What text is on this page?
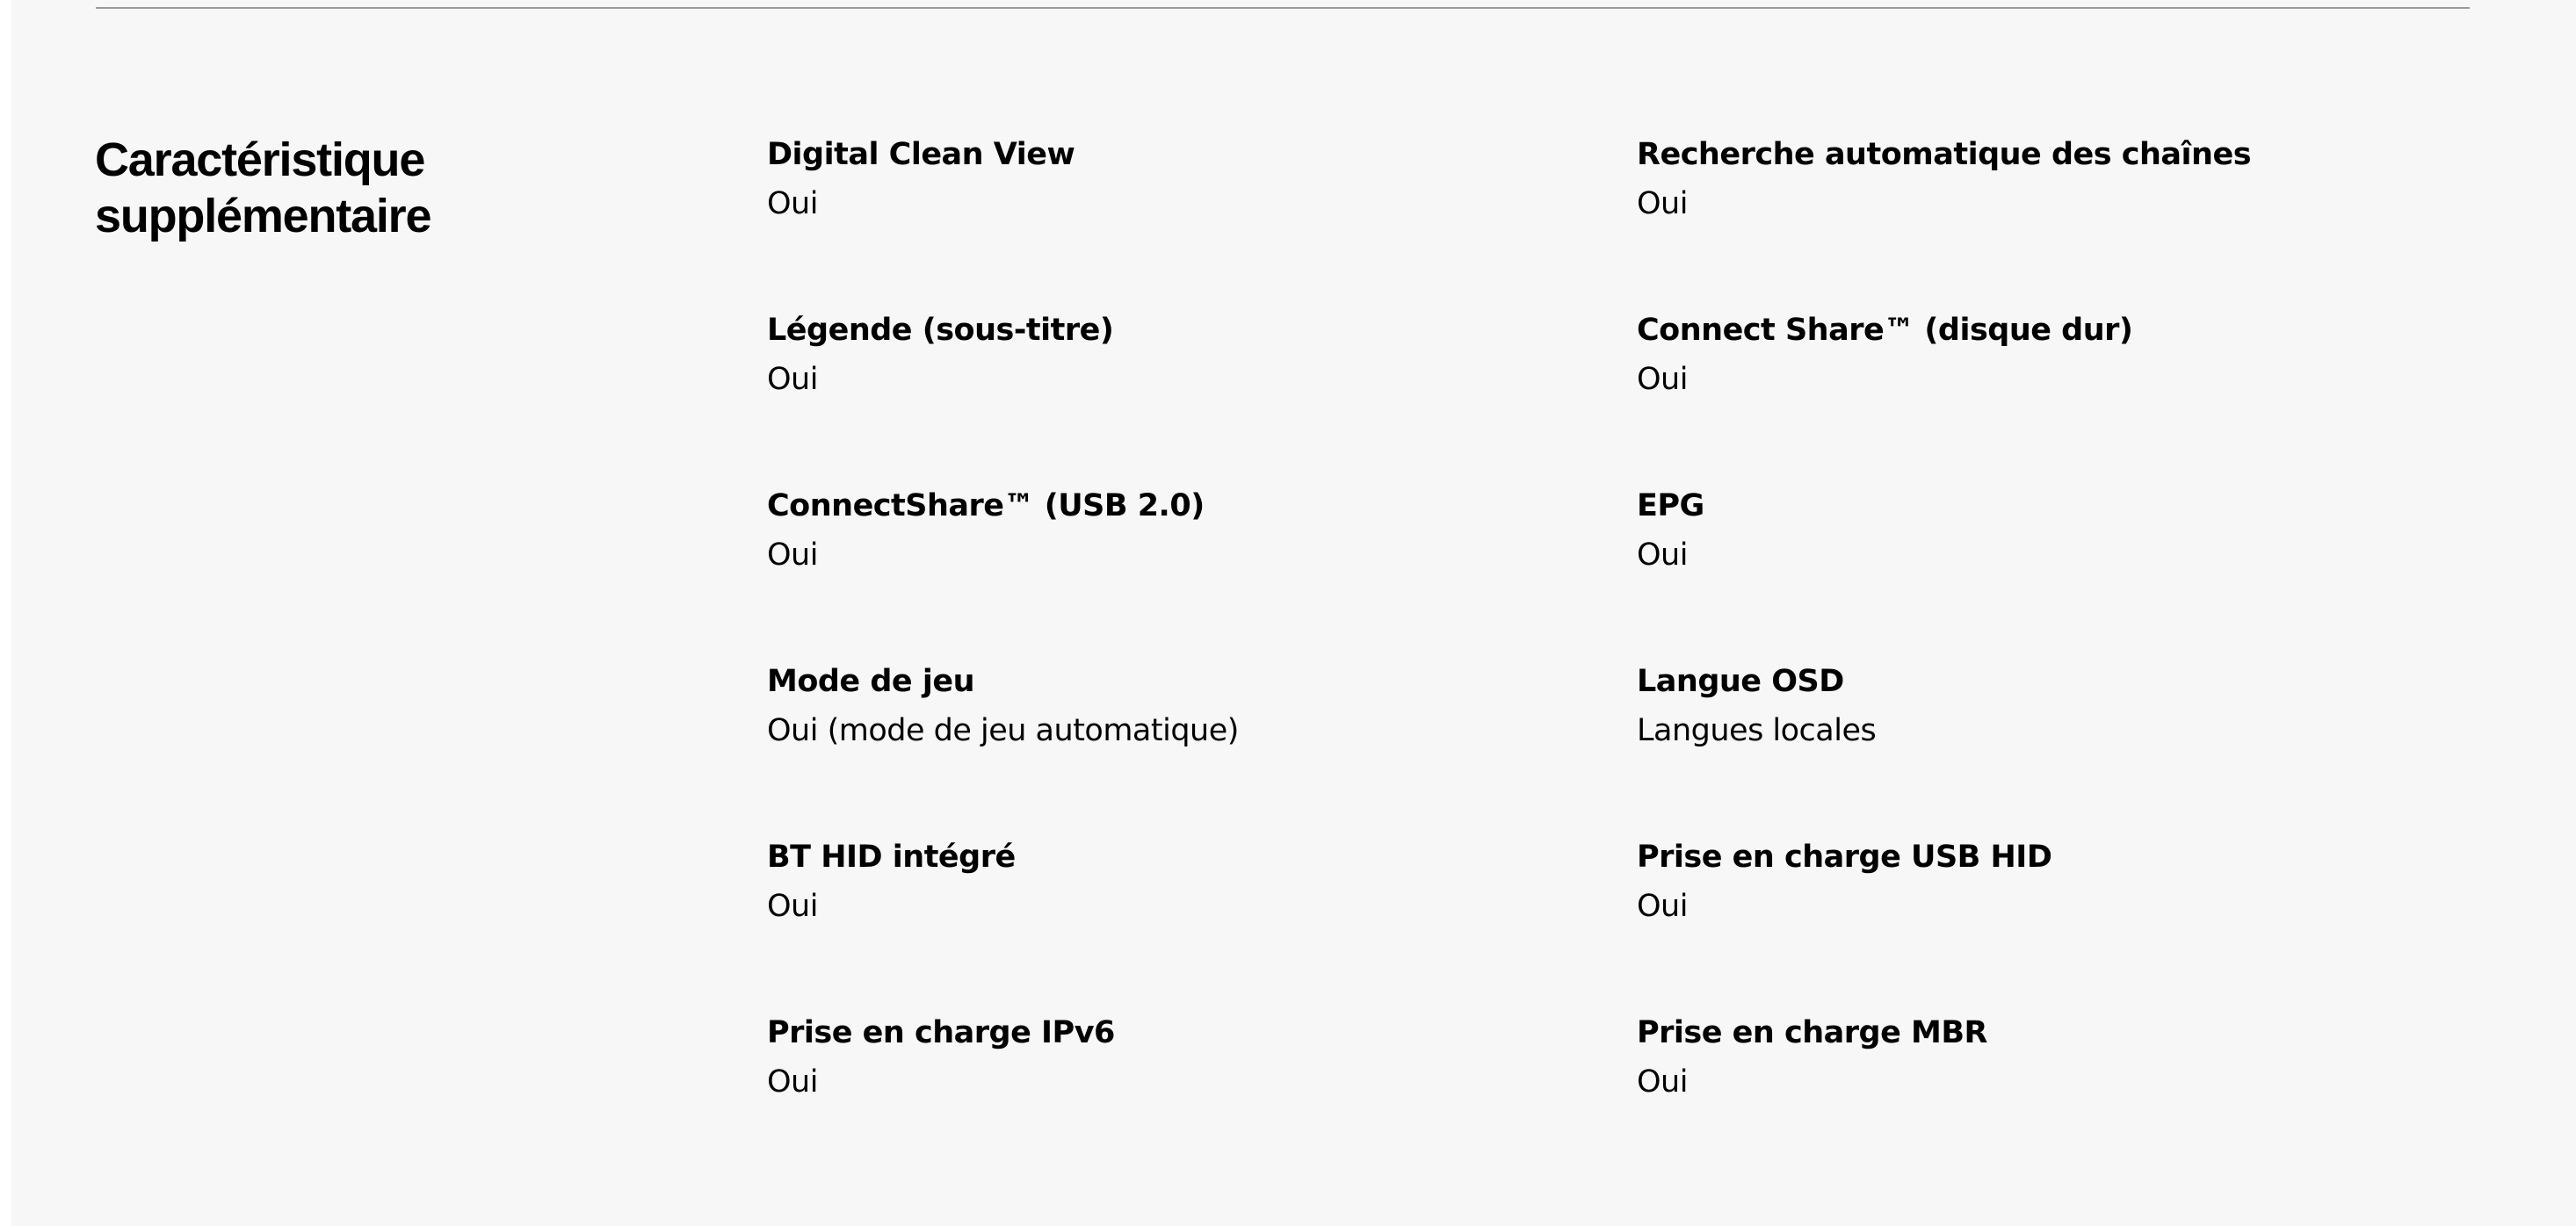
Caractéristique
supplémentaire
Digital Clean View
Oui
Recherche automatique des chaînes
Oui
Légende (sous-titre)
Oui
Connect Share™ (disque dur)
Oui
ConnectShare™ (USB 2.0)
Oui
EPG
Oui
Mode de jeu
Oui (mode de jeu automatique)
Langue OSD
Langues locales
BT HID intégré
Oui
Prise en charge USB HID
Oui
Prise en charge IPv6
Oui
Prise en charge MBR
Oui
